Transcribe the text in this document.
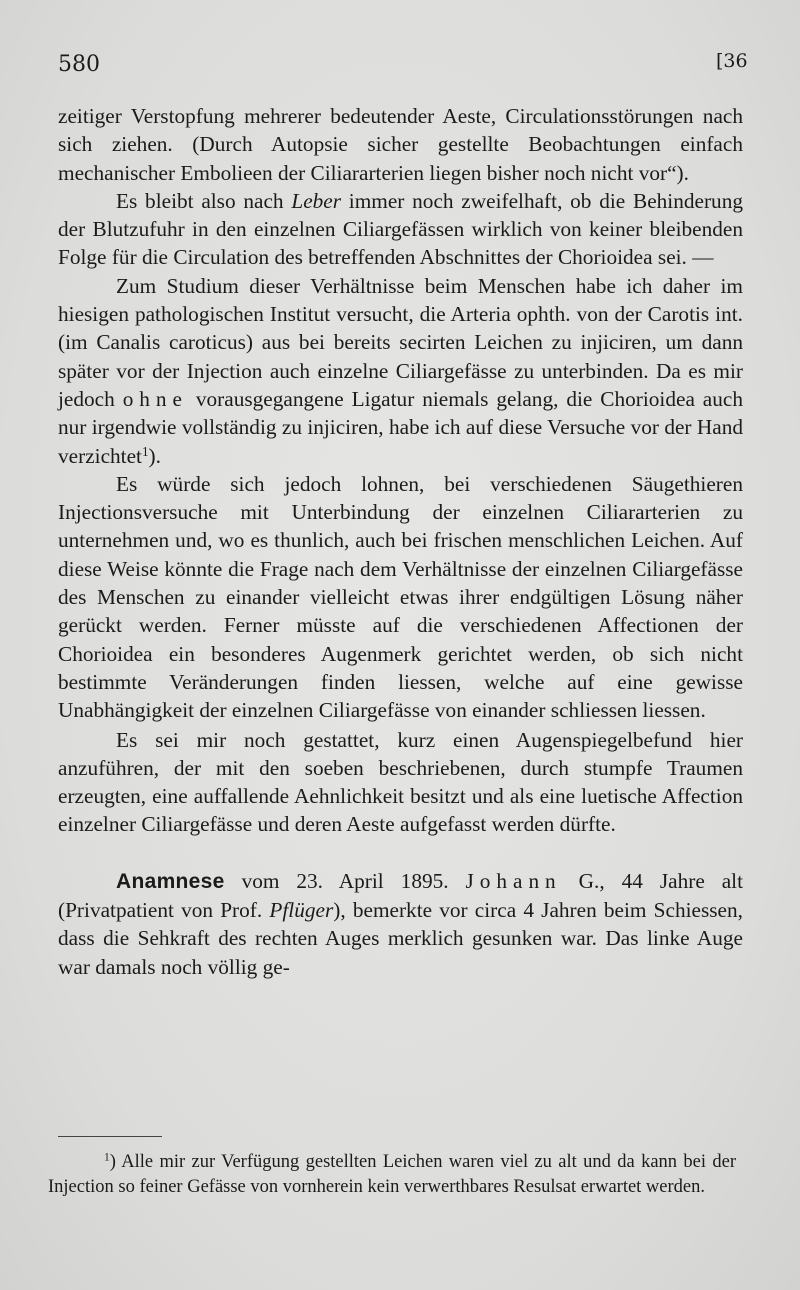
580	[36

zeitiger Verstopfung mehrerer bedeutender Aeste, Circulationsstörungen nach sich ziehen. (Durch Autopsie sicher gestellte Beobachtungen einfach mechanischer Embolieen der Ciliararterien liegen bisher noch nicht vor“).

Es bleibt also nach Leber immer noch zweifelhaft, ob die Behinderung der Blutzufuhr in den einzelnen Ciliargefässen wirklich von keiner bleibenden Folge für die Circulation des betreffenden Abschnittes der Chorioidea sei. —

Zum Studium dieser Verhältnisse beim Menschen habe ich daher im hiesigen pathologischen Institut versucht, die Arteria ophth. von der Carotis int. (im Canalis caroticus) aus bei bereits secirten Leichen zu injiciren, um dann später vor der Injection auch einzelne Ciliargefässe zu unterbinden. Da es mir jedoch ohne vorausgegangene Ligatur niemals gelang, die Chorioidea auch nur irgendwie vollständig zu injiciren, habe ich auf diese Versuche vor der Hand verzichtet$^1$).

Es würde sich jedoch lohnen, bei verschiedenen Säugethieren Injectionsversuche mit Unterbindung der einzelnen Ciliararterien zu unternehmen und, wo es thunlich, auch bei frischen menschlichen Leichen. Auf diese Weise könnte die Frage nach dem Verhältnisse der einzelnen Ciliargefässe des Menschen zu einander vielleicht etwas ihrer endgültigen Lösung näher gerückt werden. Ferner müsste auf die verschiedenen Affectionen der Chorioidea ein besonderes Augenmerk gerichtet werden, ob sich nicht bestimmte Veränderungen finden liessen, welche auf eine gewisse Unabhängigkeit der einzelnen Ciliargefässe von einander schliessen liessen.

Es sei mir noch gestattet, kurz einen Augenspiegelbefund hier anzuführen, der mit den soeben beschriebenen, durch stumpfe Traumen erzeugten, eine auffallende Aehnlichkeit besitzt und als eine luetische Affection einzelner Ciliargefässe und deren Aeste aufgefasst werden dürfte.

Anamnese vom 23. April 1895. Johann G., 44 Jahre alt (Privatpatient von Prof. Pflüger), bemerkte vor circa 4 Jahren beim Schiessen, dass die Sehkraft des rechten Auges merklich gesunken war. Das linke Auge war damals noch völlig ge-

$^1$) Alle mir zur Verfügung gestellten Leichen waren viel zu alt und da kann bei der Injection so feiner Gefässe von vornherein kein verwerthbares Resulsat erwartet werden.
